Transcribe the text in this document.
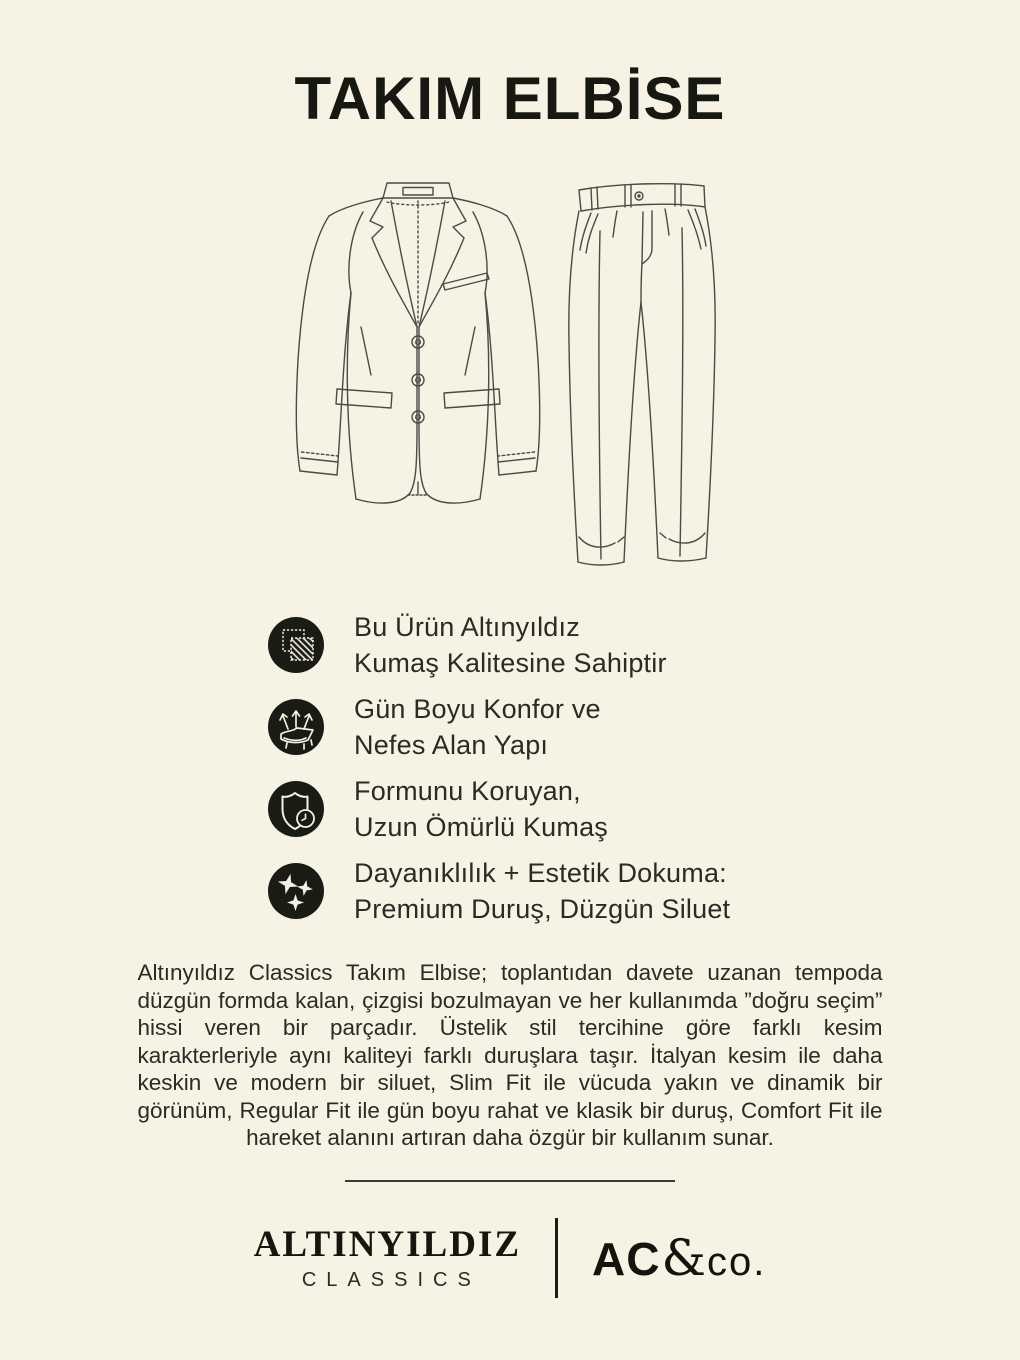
TAKIM ELBİSE
Bu Ürün Altınyıldız
Kumaş Kalitesine Sahiptir
Gün Boyu Konfor ve
Nefes Alan Yapı
Formunu Koruyan,
Uzun Ömürlü Kumaş
Dayanıklılık + Estetik Dokuma:
Premium Duruş, Düzgün Siluet

Altınyıldız Classics Takım Elbise; toplantıdan davete uzanan tempoda düzgün formda kalan, çizgisi bozulmayan ve her kullanımda ”doğru seçim” hissi veren bir parçadır. Üstelik stil tercihine göre farklı kesim karakterleriyle aynı kaliteyi farklı duruşlara taşır. İtalyan kesim ile daha keskin ve modern bir siluet, Slim Fit ile vücuda yakın ve dinamik bir görünüm, Regular Fit ile gün boyu rahat ve klasik bir duruş, Comfort Fit ile hareket alanını artıran daha özgür bir kullanım sunar.

ALTINYILDIZ
CLASSICS	AC & co.
